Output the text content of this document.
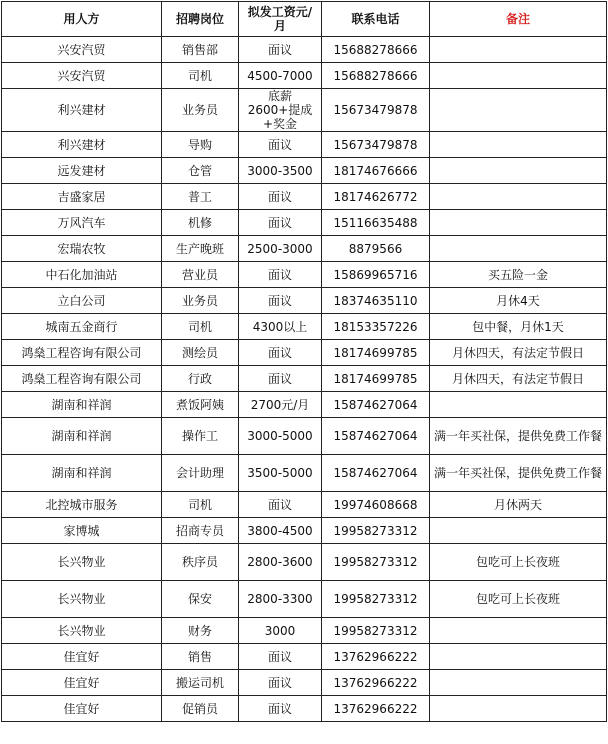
用人方	招聘岗位	拟发工资元/月	联系电话	备注
兴安汽贸	销售部	面议	15688278666	
兴安汽贸	司机	4500-7000	15688278666	
利兴建材	业务员	底薪2600+提成+奖金	15673479878	
利兴建材	导购	面议	15673479878	
远发建材	仓管	3000-3500	18174676666	
吉盛家居	普工	面议	18174626772	
万风汽车	机修	面议	15116635488	
宏瑞农牧	生产晚班	2500-3000	8879566	
中石化加油站	营业员	面议	15869965716	买五险一金
立白公司	业务员	面议	18374635110	月休4天
城南五金商行	司机	4300以上	18153357226	包中餐，月休1天
鸿燊工程咨询有限公司	测绘员	面议	18174699785	月休四天，有法定节假日
鸿燊工程咨询有限公司	行政	面议	18174699785	月休四天，有法定节假日
湖南和祥润	煮饭阿姨	2700元/月	15874627064	
湖南和祥润	操作工	3000-5000	15874627064	满一年买社保，提供免费工作餐
湖南和祥润	会计助理	3500-5000	15874627064	满一年买社保，提供免费工作餐
北控城市服务	司机	面议	19974608668	月休两天
家博城	招商专员	3800-4500	19958273312	
长兴物业	秩序员	2800-3600	19958273312	包吃可上长夜班
长兴物业	保安	2800-3300	19958273312	包吃可上长夜班
长兴物业	财务	3000	19958273312	
佳宜好	销售	面议	13762966222	
佳宜好	搬运司机	面议	13762966222	
佳宜好	促销员	面议	13762966222	
